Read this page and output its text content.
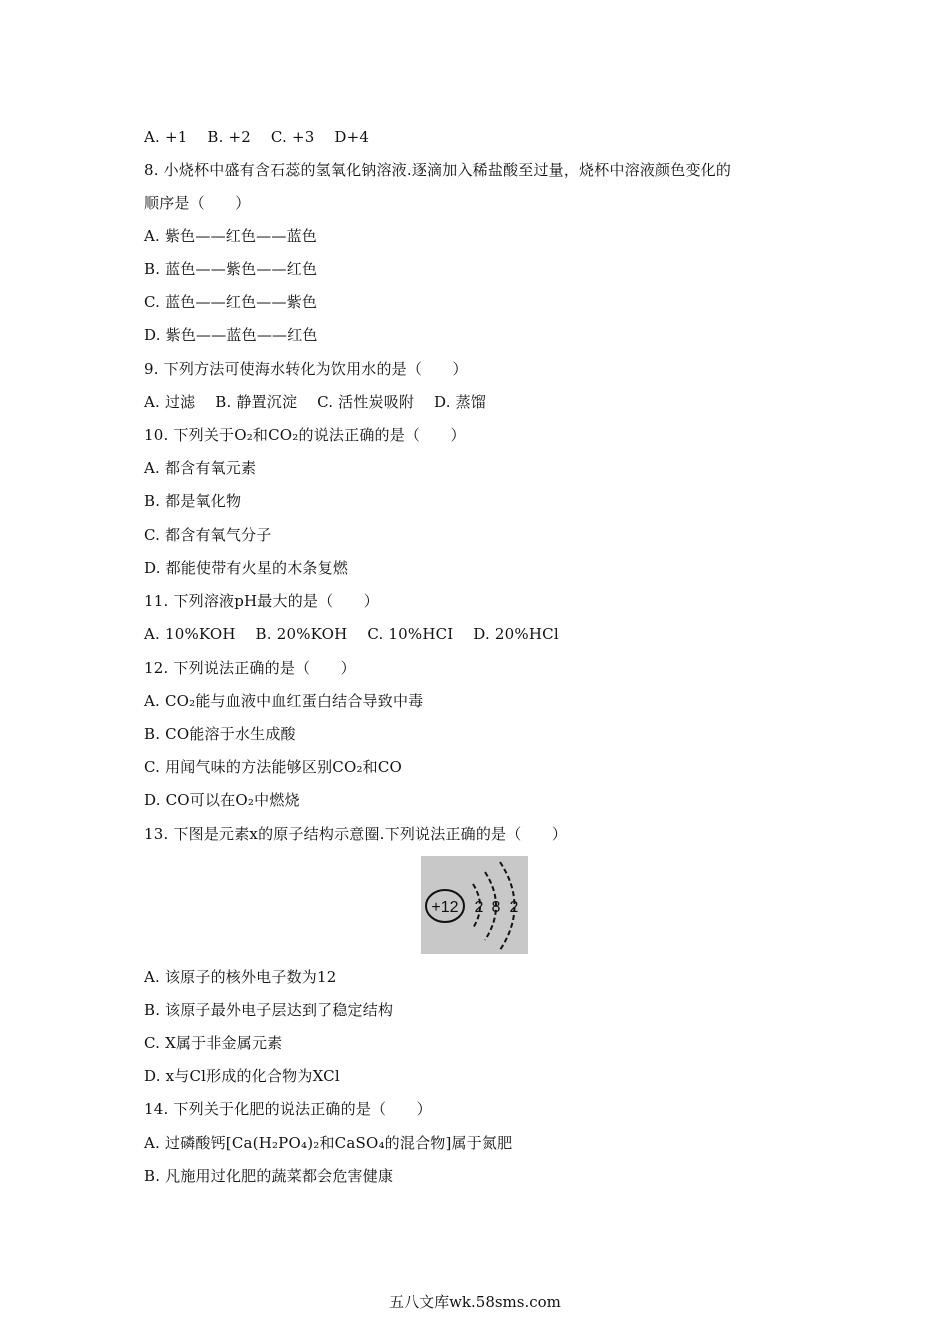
A. +1    B. +2    C. +3    D+4
8. 小烧杯中盛有含石蕊的氢氧化钠溶液.逐滴加入稀盐酸至过量，烧杯中溶液颜色变化的
顺序是（　　）
A. 紫色——红色——蓝色
B. 蓝色——紫色——红色
C. 蓝色——红色——紫色
D. 紫色——蓝色——红色
9. 下列方法可使海水转化为饮用水的是（　　）
A. 过滤    B. 静置沉淀    C. 活性炭吸附    D. 蒸馏
10. 下列关于O₂和CO₂的说法正确的是（　　）
A. 都含有氧元素
B. 都是氧化物
C. 都含有氧气分子
D. 都能使带有火星的木条复燃
11. 下列溶液pH最大的是（　　）
A. 10%KOH    B. 20%KOH    C. 10%HCI    D. 20%HCl
12. 下列说法正确的是（　　）
A. CO₂能与血液中血红蛋白结合导致中毒
B. CO能溶于水生成酸
C. 用闻气味的方法能够区别CO₂和CO
D. CO可以在O₂中燃烧
13. 下图是元素x的原子结构示意圈.下列说法正确的是（　　）
+12 2 8 2
A. 该原子的核外电子数为12
B. 该原子最外电子层达到了稳定结构
C. X属于非金属元素
D. x与Cl形成的化合物为XCl
14. 下列关于化肥的说法正确的是（　　）
A. 过磷酸钙[Ca(H₂PO₄)₂和CaSO₄的混合物]属于氮肥
B. 凡施用过化肥的蔬菜都会危害健康
五八文库wk.58sms.com
